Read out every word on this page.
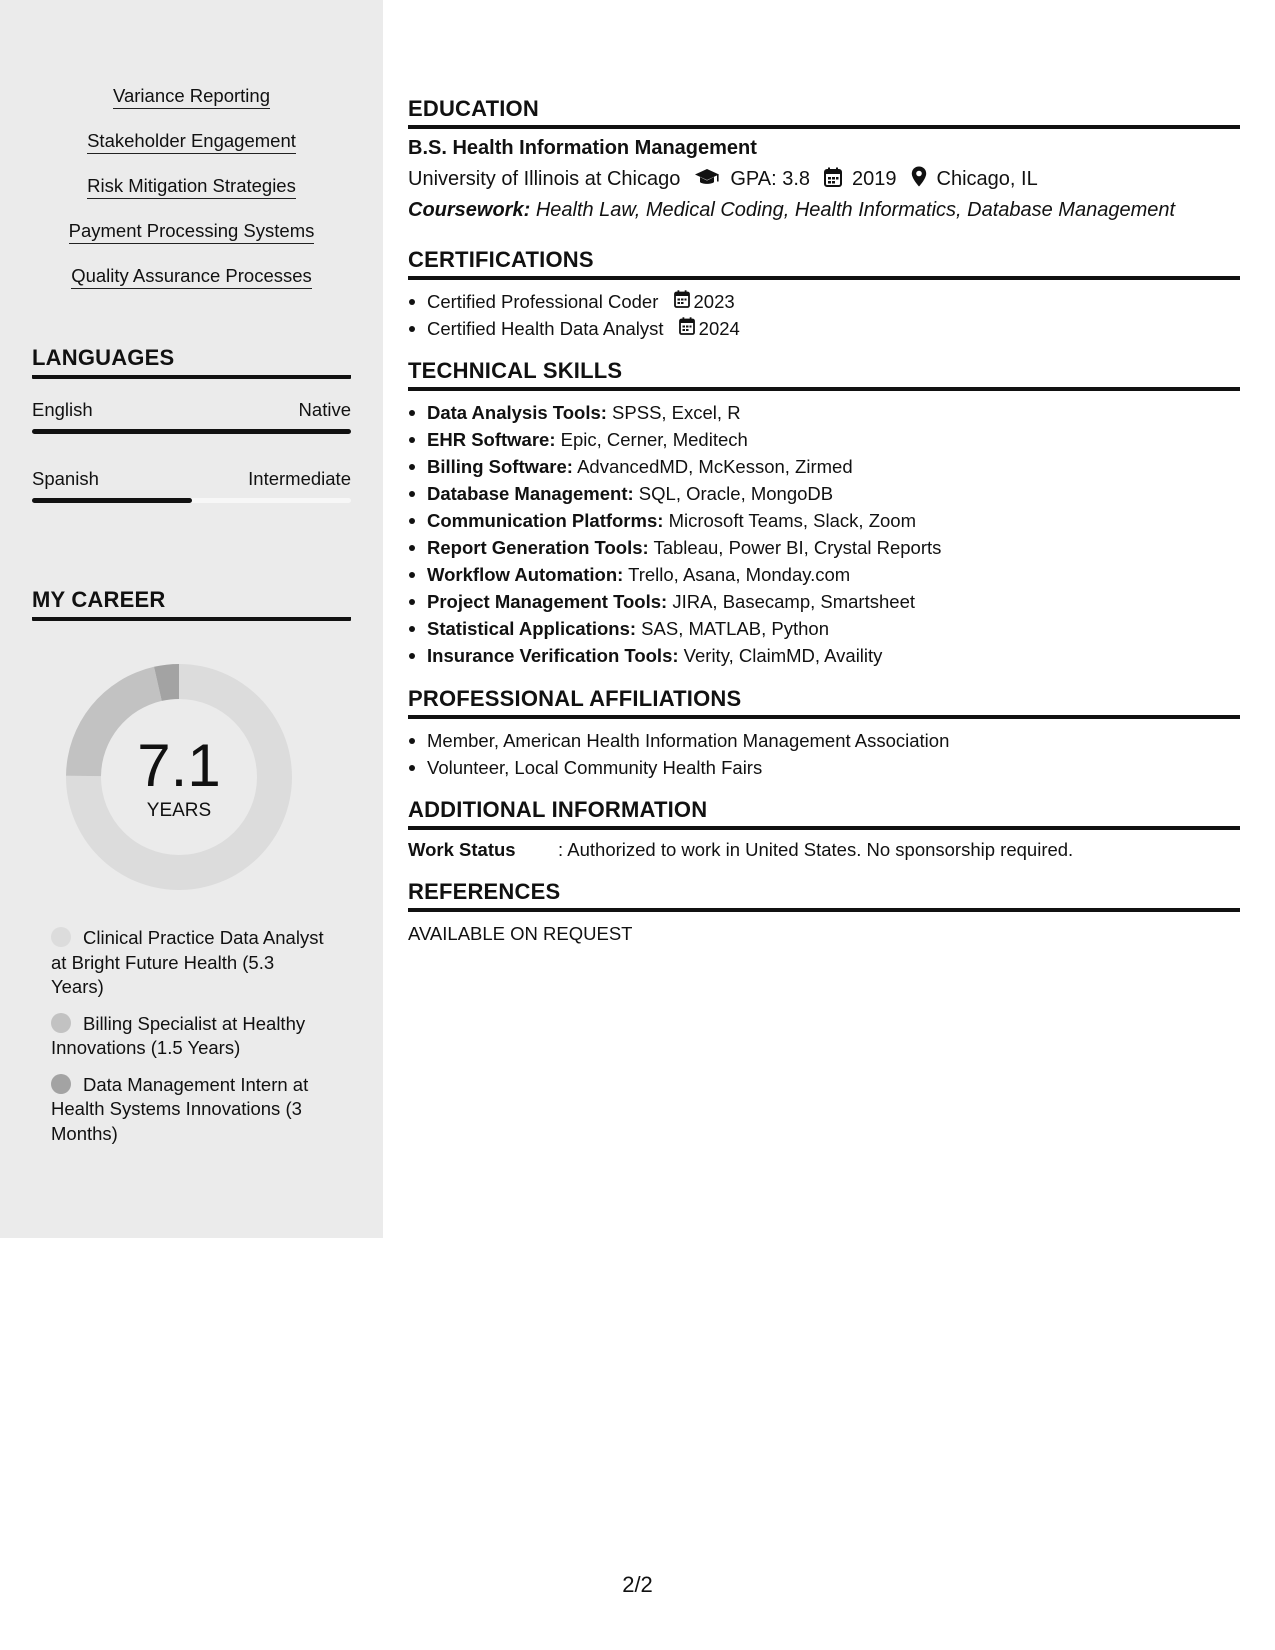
Variance Reporting
Stakeholder Engagement
Risk Mitigation Strategies
Payment Processing Systems
Quality Assurance Processes
LANGUAGES
English	Native
Spanish	Intermediate
MY CAREER
7.1
YEARS
Clinical Practice Data Analyst at Bright Future Health (5.3 Years)
Billing Specialist at Healthy Innovations (1.5 Years)
Data Management Intern at Health Systems Innovations (3 Months)
EDUCATION
B.S. Health Information Management
University of Illinois at Chicago	GPA: 3.8 2019 Chicago, IL
Coursework: Health Law, Medical Coding, Health Informatics, Database Management
CERTIFICATIONS
Certified Professional Coder 2023
Certified Health Data Analyst 2024
TECHNICAL SKILLS
Data Analysis Tools: SPSS, Excel, R
EHR Software: Epic, Cerner, Meditech
Billing Software: AdvancedMD, McKesson, Zirmed
Database Management: SQL, Oracle, MongoDB
Communication Platforms: Microsoft Teams, Slack, Zoom
Report Generation Tools: Tableau, Power BI, Crystal Reports
Workflow Automation: Trello, Asana, Monday.com
Project Management Tools: JIRA, Basecamp, Smartsheet
Statistical Applications: SAS, MATLAB, Python
Insurance Verification Tools: Verity, ClaimMD, Availity
PROFESSIONAL AFFILIATIONS
Member, American Health Information Management Association
Volunteer, Local Community Health Fairs
ADDITIONAL INFORMATION
Work Status : Authorized to work in United States. No sponsorship required.
REFERENCES
AVAILABLE ON REQUEST
2/2
